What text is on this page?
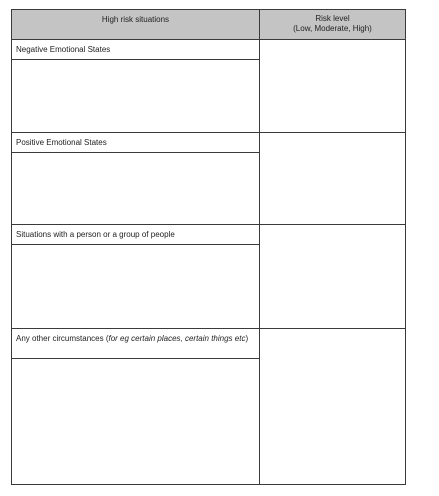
High risk situations	Risk level
(Low, Moderate, High)
Negative Emotional States
Positive Emotional States
Situations with a person or a group of people
Any other circumstances (for eg certain places, certain things etc)
